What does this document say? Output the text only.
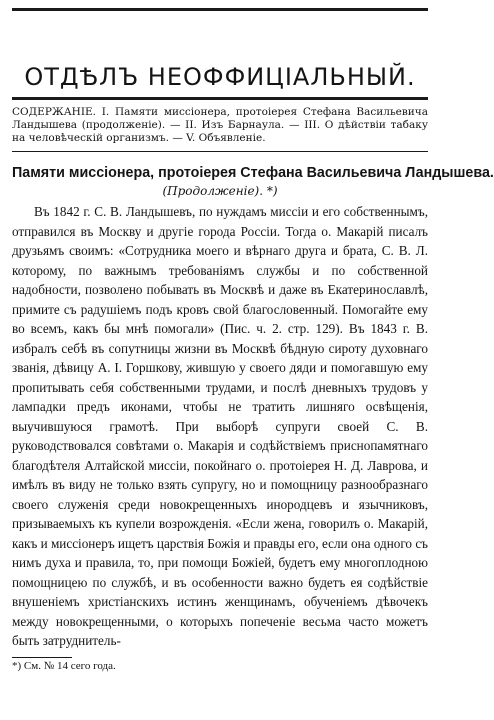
ОТДѢЛЪ НЕОФФИЦІАЛЬНЫЙ.
СОДЕРЖАНІЕ. I. Памяти миссіонера, протоіерея Стефана Васильевича Ландышева (продолженіе). — II. Изъ Барнаула. — III. О дѣйствіи табаку на человѣческій организмъ. — V. Объявленіе.
Памяти миссіонера, протоіерея Стефана Васильевича Ландышева.
(Продолженіе). *)

Въ 1842 г. С. В. Ландышевъ, по нуждамъ миссіи и его собственнымъ, отправился въ Москву и другіе города Россіи. Тогда о. Макарій писалъ друзьямъ своимъ: «Сотрудника моего и вѣрнаго друга и брата, С. В. Л. которому, по важнымъ требованіямъ службы и по собственной надобности, позволено побывать въ Москвѣ и даже въ Екатеринославлѣ, примите съ радушіемъ подъ кровъ свой благословенный. Помогайте ему во всемъ, какъ бы мнѣ помогали» (Пис. ч. 2. стр. 129). Въ 1843 г. В. избралъ себѣ въ сопутницы жизни въ Москвѣ бѣдную сироту духовнаго званія, дѣвицу А. І. Горшкову, жившую у своего дяди и помогавшую ему пропитывать себя собственными трудами, и послѣ дневныхъ трудовъ у лампадки предъ иконами, чтобы не тратить лишняго освѣщенія, выучившуюся грамотѣ. При выборѣ супруги своей С. В. руководствовался совѣтами о. Макарія и содѣйствіемъ приснопамятнаго благодѣтеля Алтайской миссіи, покойнаго о. протоіерея Н. Д. Лаврова, и имѣлъ въ виду не только взять супругу, но и помощницу разнообразнаго своего служенія среди новокрещенныхъ инородцевъ и язычниковъ, призываемыхъ къ купели возрожденія. «Если жена, говорилъ о. Макарій, какъ и миссіонеръ ищетъ царствія Божія и правды его, если она одного съ нимъ духа и правила, то, при помощи Божіей, будетъ ему многоплодною помощницею по службѣ, и въ особенности важно будетъ ея содѣйствіе внушеніемъ христіанскихъ истинъ женщинамъ, обученіемъ дѣвочекъ между новокрещенными, о которыхъ попеченіе весьма часто можетъ быть затруднитель-

*) См. № 14 сего года.
